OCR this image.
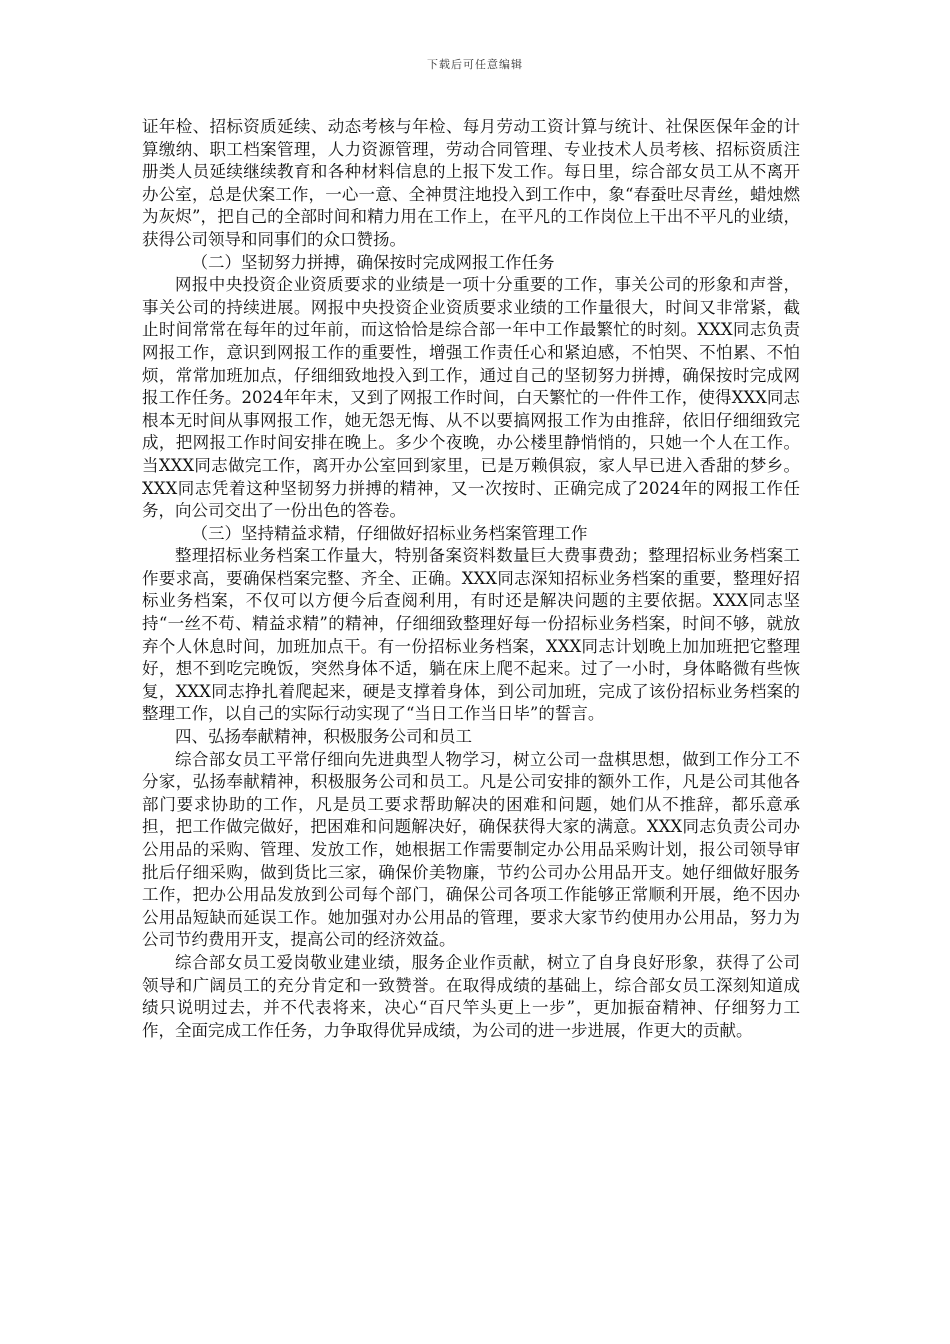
下载后可任意编辑

证年检、招标资质延续、动态考核与年检、每月劳动工资计算与统计、社保医保年金的计算缴纳、职工档案管理，人力资源管理，劳动合同管理、专业技术人员考核、招标资质注册类人员延续继续教育和各种材料信息的上报下发工作。每日里，综合部女员工从不离开办公室，总是伏案工作，一心一意、全神贯注地投入到工作中，象“春蚕吐尽青丝，蜡烛燃为灰烬”，把自己的全部时间和精力用在工作上，在平凡的工作岗位上干出不平凡的业绩，获得公司领导和同事们的众口赞扬。

（二）坚韧努力拼搏，确保按时完成网报工作任务

网报中央投资企业资质要求的业绩是一项十分重要的工作，事关公司的形象和声誉，事关公司的持续进展。网报中央投资企业资质要求业绩的工作量很大，时间又非常紧，截止时间常常在每年的过年前，而这恰恰是综合部一年中工作最繁忙的时刻。XXX同志负责网报工作，意识到网报工作的重要性，增强工作责任心和紧迫感，不怕哭、不怕累、不怕烦，常常加班加点，仔细细致地投入到工作，通过自己的坚韧努力拼搏，确保按时完成网报工作任务。2024年年末，又到了网报工作时间，白天繁忙的一件件工作，使得XXX同志根本无时间从事网报工作，她无怨无悔、从不以要搞网报工作为由推辞，依旧仔细细致完成，把网报工作时间安排在晚上。多少个夜晚，办公楼里静悄悄的，只她一个人在工作。当XXX同志做完工作，离开办公室回到家里，已是万赖俱寂，家人早已进入香甜的梦乡。XXX同志凭着这种坚韧努力拼搏的精神，又一次按时、正确完成了2024年的网报工作任务，向公司交出了一份出色的答卷。

（三）坚持精益求精，仔细做好招标业务档案管理工作

整理招标业务档案工作量大，特别备案资料数量巨大费事费劲；整理招标业务档案工作要求高，要确保档案完整、齐全、正确。XXX同志深知招标业务档案的重要，整理好招标业务档案，不仅可以方便今后查阅利用，有时还是解决问题的主要依据。XXX同志坚持“一丝不苟、精益求精”的精神，仔细细致整理好每一份招标业务档案，时间不够，就放弃个人休息时间，加班加点干。有一份招标业务档案，XXX同志计划晚上加加班把它整理好，想不到吃完晚饭，突然身体不适，躺在床上爬不起来。过了一小时，身体略微有些恢复，XXX同志挣扎着爬起来，硬是支撑着身体，到公司加班，完成了该份招标业务档案的整理工作，以自己的实际行动实现了“当日工作当日毕”的誓言。

四、弘扬奉献精神，积极服务公司和员工

综合部女员工平常仔细向先进典型人物学习，树立公司一盘棋思想，做到工作分工不分家，弘扬奉献精神，积极服务公司和员工。凡是公司安排的额外工作，凡是公司其他各部门要求协助的工作，凡是员工要求帮助解决的困难和问题，她们从不推辞，都乐意承担，把工作做完做好，把困难和问题解决好，确保获得大家的满意。XXX同志负责公司办公用品的采购、管理、发放工作，她根据工作需要制定办公用品采购计划，报公司领导审批后仔细采购，做到货比三家，确保价美物廉，节约公司办公用品开支。她仔细做好服务工作，把办公用品发放到公司每个部门，确保公司各项工作能够正常顺利开展，绝不因办公用品短缺而延误工作。她加强对办公用品的管理，要求大家节约使用办公用品，努力为公司节约费用开支，提高公司的经济效益。

综合部女员工爱岗敬业建业绩，服务企业作贡献，树立了自身良好形象，获得了公司领导和广阔员工的充分肯定和一致赞誉。在取得成绩的基础上，综合部女员工深刻知道成绩只说明过去，并不代表将来，决心“百尺竿头更上一步”，更加振奋精神、仔细努力工作，全面完成工作任务，力争取得优异成绩，为公司的进一步进展，作更大的贡献。
